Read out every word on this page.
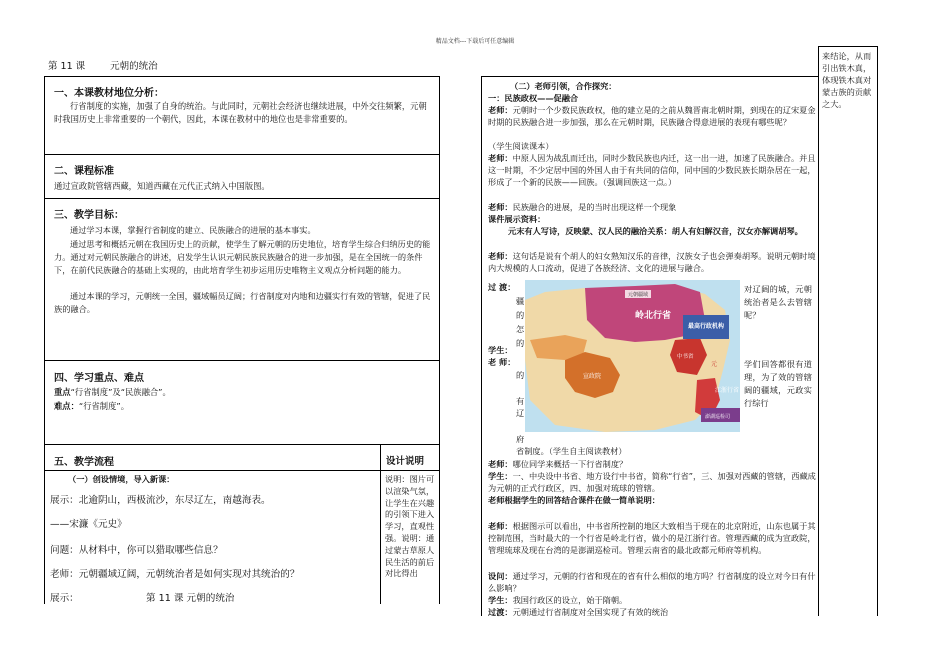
精品文档---下载后可任意编辑
第 11 课	元朝的统治
一、本课教材地位分析：
行省制度的实施，加强了自身的统治。与此同时，元朝社会经济也继续进展，中外交往频繁，元朝时我国历史上非常重要的一个朝代，因此，本课在教材中的地位也是非常重要的。
二、课程标准
通过宣政院管辖西藏，知道西藏在元代正式纳入中国版图。
三、教学目标：
通过学习本课，掌握行省制度的建立、民族融合的进展的基本事实。
通过思考和概括元朝在我国历史上的贡献，使学生了解元朝的历史地位，培育学生综合归纳历史的能力。通过对元朝民族融合的讲述，启发学生认识元朝民族民族融合的进一步加强，是在全国统一的条件下，在前代民族融合的基础上实现的，由此培育学生初步运用历史唯物主义观点分析问题的能力。
通过本课的学习，元朝统一全国，疆域幅员辽阔；行省制度对内地和边疆实行有效的管辖，促进了民族的融合。
四、学习重点、难点
重点“行省制度”及“民族融合”。
难点：“行省制度”。
五、教学流程	设计说明
（一）创设情境，导入新课：
展示：北逾阴山，西极流沙，东尽辽左，南越海表。
——宋濂《元史》
问题：从材料中，你可以猎取哪些信息？
老师：元朝疆域辽阔，元朝统治者是如何实现对其统治的？
展示：	第 11 课 元朝的统治
说明：图片可以渲染气氛，让学生在兴趣的引领下进入学习，直观性强。说明：通过蒙古草原人民生活的前后对比得出
来结论，从而引出铁木真，体现铁木真对蒙古族的贡献之大。
（二）老师引领，合作探究：
一：民族政权——促融合
老师：元朝时一个少数民族政权，他的建立是的之前从魏晋南北朝时期，到现在的辽宋夏金时期的民族融合进一步加强，那么在元朝时期，民族融合得意进展的表现有哪些呢？
（学生阅读课本）
老师：中原人因为战乱而迁出，同时少数民族也内迁，这一出一进，加速了民族融合。并且这一时期，不少定居中国的外国人由于有共同的信仰，同中国的少数民族长期杂居在一起，形成了一个新的民族——回族。（强调回族这一点。）
老师：民族融合的进展，是的当时出现这样一个现象
课件展示资料：
元末有人写诗，反映蒙、汉人民的融洽关系：胡人有妇解汉音，汉女亦解调胡琴。
老师：这句话是说有个胡人的妇女熟知汉乐的音律，汉族女子也会弹奏胡琴。说明元朝时境内大规模的人口流动，促进了各族经济、文化的进展与融合。
过 渡：
疆
的
怎
的
对辽阔的城，元朝统治者是么去管辖呢？
学生：
老 师：
的
有
辽
府
学们回答都很有道理，为了效的管辖阔的疆域，元政实行综行
省制度。（学生自主阅读教材）
元朝疆域
岭北行省
宣政院
中书省
江浙行省
澎湖巡检司
元
最高行政机构
老师：哪位同学来概括一下行省制度？
学生：一、中央设中书省、地方设行中书省，简称“行省”，三、加强对西藏的管辖，西藏成为元朝的正式行政区，四、加强对琉球的管辖。
老师根据学生的回答结合课件在做一简单说明：
老师：根据图示可以看出，中书省所控制的地区大致相当于现在的北京附近，山东也属于其控制范围，当时最大的一个行省是岭北行省，做小的是江浙行省。管理西藏的成为宣政院，管理琉球及现在台湾的是澎湖巡检司。管理云南省的最北政都元师府等机构。
设问：通过学习，元朝的行省和现在的省有什么相似的地方吗？行省制度的设立对今日有什么影响？
学生：我国行政区的设立，始于隋朝。
过渡：元朝通过行省制度对全国实现了有效的统治
